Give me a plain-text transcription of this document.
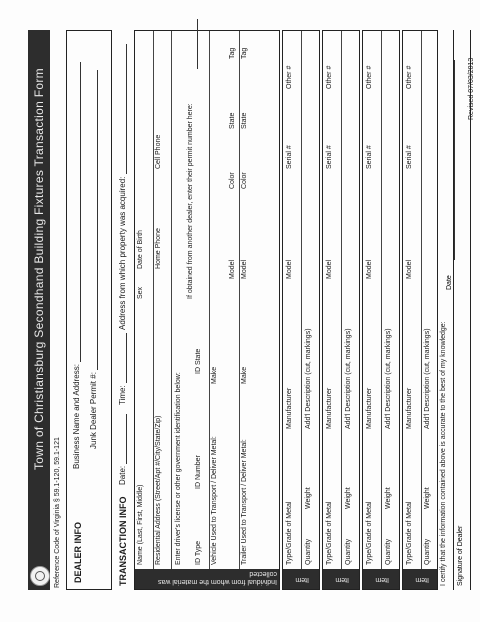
Town of Christiansburg Secondhand Building Fixtures Transaction Form
Reference Code of Virginia § 59.1-120, 59.1-121 DEALER INFO
Business Name and Address: Junk Dealer Permit #:
TRANSACTION INFO
Date:
Time:
Address from which property was acquired:
Individual from whom the material was collected
Name (Last, First, Middle)
Sex
Date of Birth
Residential Address (Street/Apt #/City/State/Zip)
Home Phone
Cell Phone
Enter driver's license or other government identification below: ID Type
ID Number
ID State
If obtained from another dealer, enter their permit number here:
Vehicle Used to Transport / Deliver Metal:
Make
Model
Color
State
Tag
Trailer Used to Transport / Deliver Metal:
Make
Model
Color
State
Tag
Item
Type/Grade of Metal
Manufacturer
Model
Serial #
Other #
Quantity
Weight
Add'l Description (cut, markings)
Item
Type/Grade of Metal
Manufacturer
Model
Serial #
Other #
Quantity
Weight
Add'l Description (cut, markings)
Item
Type/Grade of Metal
Manufacturer
Model
Serial #
Other #
Quantity
Weight
Add'l Description (cut, markings)
Item
Type/Grade of Metal
Manufacturer
Model
Serial #
Other #
Quantity
Weight
Add'l Description (cut, markings) I certify that the information contained above is accurate to the best of my knowledge: Signature of Dealer
Date
Revised 07/03/2013
